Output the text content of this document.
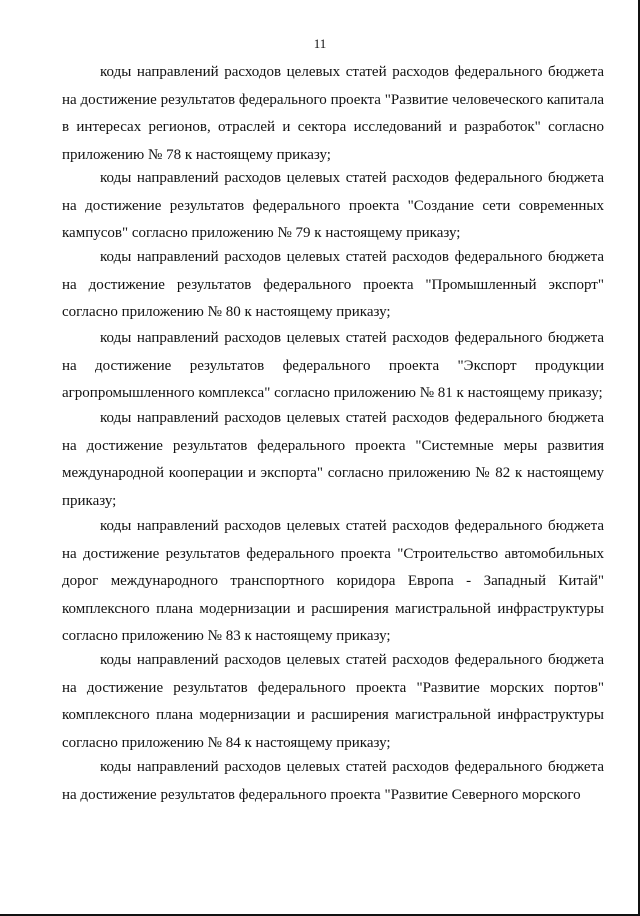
11

коды направлений расходов целевых статей расходов федерального бюджета на достижение результатов федерального проекта "Развитие человеческого капитала в интересах регионов, отраслей и сектора исследований и разработок" согласно приложению № 78 к настоящему приказу;

коды направлений расходов целевых статей расходов федерального бюджета на достижение результатов федерального проекта "Создание сети современных кампусов" согласно приложению № 79 к настоящему приказу;

коды направлений расходов целевых статей расходов федерального бюджета на достижение результатов федерального проекта "Промышленный экспорт" согласно приложению № 80 к настоящему приказу;

коды направлений расходов целевых статей расходов федерального бюджета на достижение результатов федерального проекта "Экспорт продукции агропромышленного комплекса" согласно приложению № 81 к настоящему приказу;

коды направлений расходов целевых статей расходов федерального бюджета на достижение результатов федерального проекта "Системные меры развития международной кооперации и экспорта" согласно приложению № 82 к настоящему приказу;

коды направлений расходов целевых статей расходов федерального бюджета на достижение результатов федерального проекта "Строительство автомобильных дорог международного транспортного коридора Европа - Западный Китай" комплексного плана модернизации и расширения магистральной инфраструктуры согласно приложению № 83 к настоящему приказу;

коды направлений расходов целевых статей расходов федерального бюджета на достижение результатов федерального проекта "Развитие морских портов" комплексного плана модернизации и расширения магистральной инфраструктуры согласно приложению № 84 к настоящему приказу;

коды направлений расходов целевых статей расходов федерального бюджета на достижение результатов федерального проекта "Развитие Северного морского
